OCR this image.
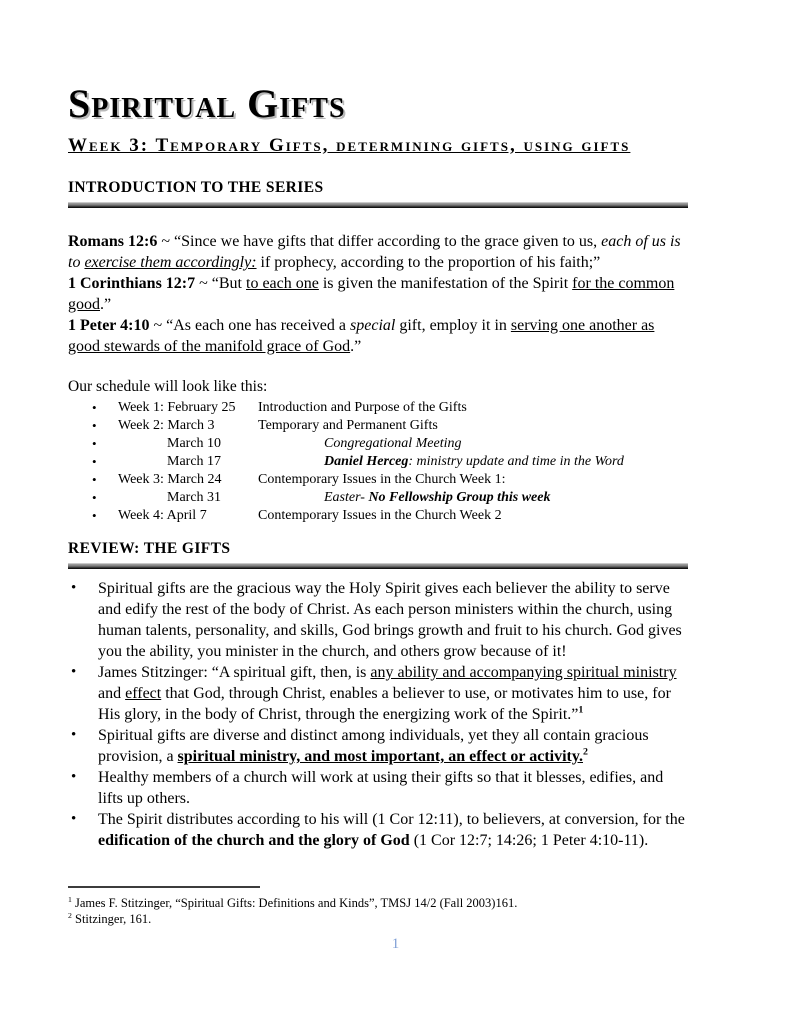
Spiritual Gifts
Week 3: Temporary Gifts, determining gifts, using gifts
INTRODUCTION TO THE SERIES
Romans 12:6 ~ “Since we have gifts that differ according to the grace given to us, each of us is to exercise them accordingly: if prophecy, according to the proportion of his faith;”
1 Corinthians 12:7 ~ “But to each one is given the manifestation of the Spirit for the common good.”
1 Peter 4:10 ~ “As each one has received a special gift, employ it in serving one another as good stewards of the manifold grace of God.”
Our schedule will look like this:
•	Week 1: February 25	Introduction and Purpose of the Gifts
•	Week 2: March 3	Temporary and Permanent Gifts
•	March 10	Congregational Meeting
•	March 17	Daniel Herceg: ministry update and time in the Word
•	Week 3: March 24	Contemporary Issues in the Church Week 1:
•	March 31	Easter- No Fellowship Group this week
•	Week 4: April 7	Contemporary Issues in the Church Week 2
REVIEW: THE GIFTS
•	Spiritual gifts are the gracious way the Holy Spirit gives each believer the ability to serve and edify the rest of the body of Christ. As each person ministers within the church, using human talents, personality, and skills, God brings growth and fruit to his church. God gives you the ability, you minister in the church, and others grow because of it!
•	James Stitzinger: “A spiritual gift, then, is any ability and accompanying spiritual ministry and effect that God, through Christ, enables a believer to use, or motivates him to use, for His glory, in the body of Christ, through the energizing work of the Spirit.”$^1$
•	Spiritual gifts are diverse and distinct among individuals, yet they all contain gracious provision, a spiritual ministry, and most important, an effect or activity.$^2$
•	Healthy members of a church will work at using their gifts so that it blesses, edifies, and lifts up others.
•	The Spirit distributes according to his will (1 Cor 12:11), to believers, at conversion, for the edification of the church and the glory of God (1 Cor 12:7; 14:26; 1 Peter 4:10-11).
$^1$ James F. Stitzinger, “Spiritual Gifts: Definitions and Kinds”, TMSJ 14/2 (Fall 2003)161.
$^2$ Stitzinger, 161.
1
